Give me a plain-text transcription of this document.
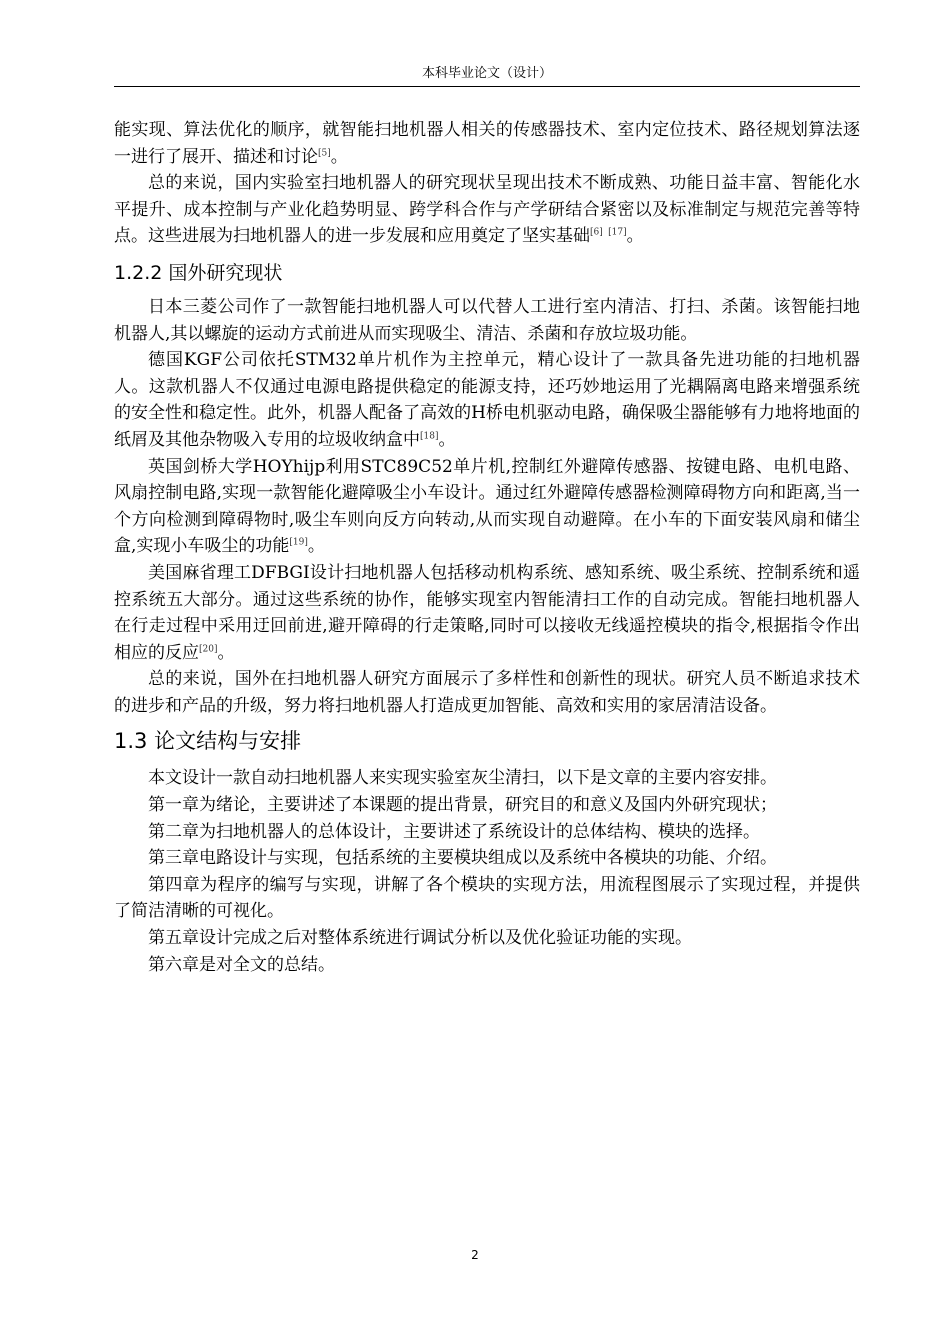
本科毕业论文（设计）

能实现、算法优化的顺序，就智能扫地机器人相关的传感器技术、室内定位技术、路径规划算法逐一进行了展开、描述和讨论[5]。

总的来说，国内实验室扫地机器人的研究现状呈现出技术不断成熟、功能日益丰富、智能化水平提升、成本控制与产业化趋势明显、跨学科合作与产学研结合紧密以及标准制定与规范完善等特点。这些进展为扫地机器人的进一步发展和应用奠定了坚实基础[6] [17]。

1.2.2 国外研究现状

日本三菱公司作了一款智能扫地机器人可以代替人工进行室内清洁、打扫、杀菌。该智能扫地机器人,其以螺旋的运动方式前进从而实现吸尘、清洁、杀菌和存放垃圾功能。

德国KGF公司依托STM32单片机作为主控单元，精心设计了一款具备先进功能的扫地机器人。这款机器人不仅通过电源电路提供稳定的能源支持，还巧妙地运用了光耦隔离电路来增强系统的安全性和稳定性。此外，机器人配备了高效的H桥电机驱动电路，确保吸尘器能够有力地将地面的纸屑及其他杂物吸入专用的垃圾收纳盒中[18]。

英国剑桥大学HOYhijp利用STC89C52单片机,控制红外避障传感器、按键电路、电机电路、风扇控制电路,实现一款智能化避障吸尘小车设计。通过红外避障传感器检测障碍物方向和距离,当一个方向检测到障碍物时,吸尘车则向反方向转动,从而实现自动避障。在小车的下面安装风扇和储尘盒,实现小车吸尘的功能[19]。

美国麻省理工DFBGI设计扫地机器人包括移动机构系统、感知系统、吸尘系统、控制系统和遥控系统五大部分。通过这些系统的协作，能够实现室内智能清扫工作的自动完成。智能扫地机器人在行走过程中采用迂回前进,避开障碍的行走策略,同时可以接收无线遥控模块的指令,根据指令作出相应的反应[20]。

总的来说，国外在扫地机器人研究方面展示了多样性和创新性的现状。研究人员不断追求技术的进步和产品的升级，努力将扫地机器人打造成更加智能、高效和实用的家居清洁设备。

1.3 论文结构与安排

本文设计一款自动扫地机器人来实现实验室灰尘清扫，以下是文章的主要内容安排。

第一章为绪论，主要讲述了本课题的提出背景，研究目的和意义及国内外研究现状；

第二章为扫地机器人的总体设计，主要讲述了系统设计的总体结构、模块的选择。

第三章电路设计与实现，包括系统的主要模块组成以及系统中各模块的功能、介绍。

第四章为程序的编写与实现，讲解了各个模块的实现方法，用流程图展示了实现过程，并提供了简洁清晰的可视化。

第五章设计完成之后对整体系统进行调试分析以及优化验证功能的实现。

第六章是对全文的总结。

2
